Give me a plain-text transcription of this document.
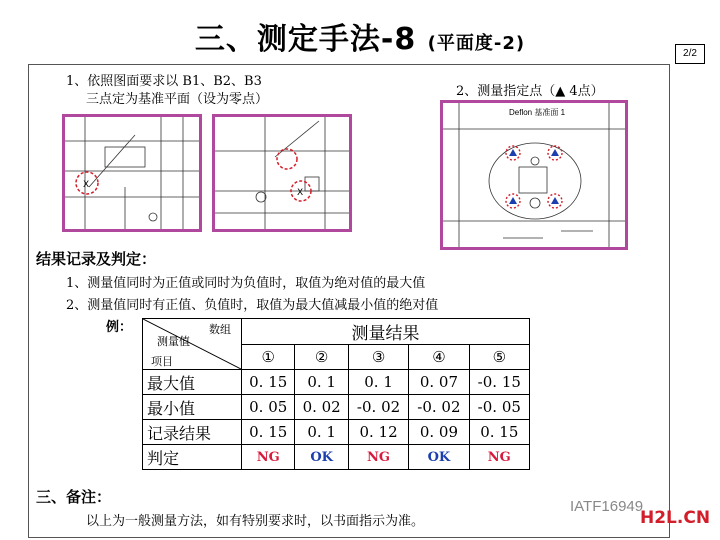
三、测定手法-8 (平面度-2)	2/2
1、依照图面要求以 B1、B2、B3
三点定为基准平面（设为零点）
X
X
2、测量指定点（▲ 4点）
Deflon 基准面 1
结果记录及判定：
1、测量值同时为正值或同时为负值时，取值为绝对值的最大值
2、测量值同时有正值、负值时，取值为最大值减最小值的绝对值
例：	数组
测量值
项目	测量结果				
	①	②	③	④	⑤
最大值	0. 15	0. 1	0. 1	0. 07	-0. 15
最小值	0. 05	0. 02	-0. 02	-0. 02	-0. 05
记录结果	0. 15	0. 1	0. 12	0. 09	0. 15
判定	NG	OK	NG	OK	NG
三、备注：
以上为一般测量方法，如有特别要求时，以书面指示为准。
IATF16949
H2L.CN
